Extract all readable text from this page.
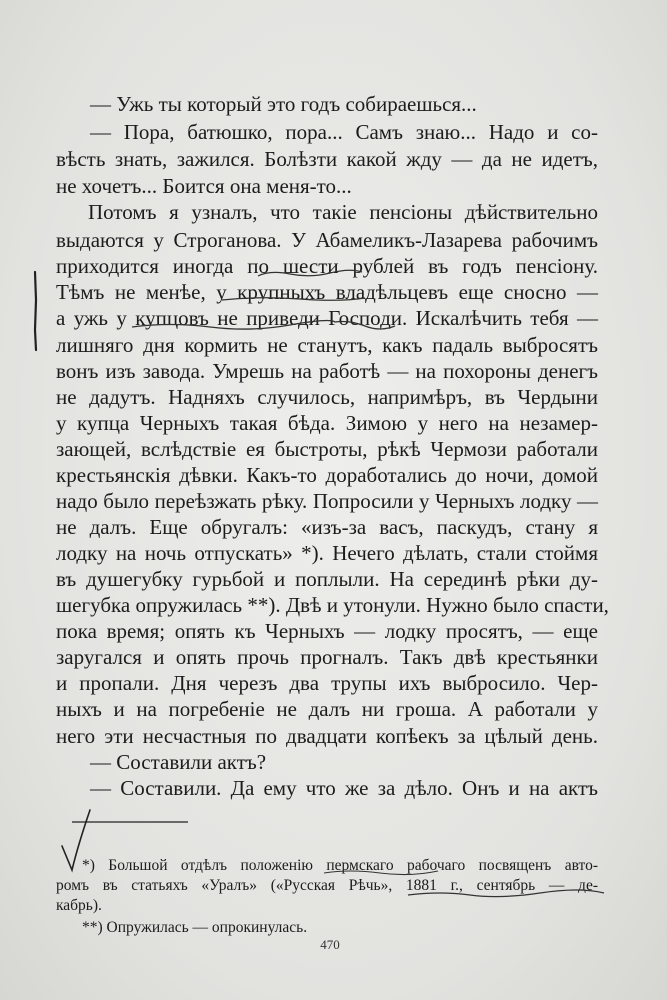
— Ужь ты который это годъ собираешься...
— Пора, батюшко, пора... Самъ знаю... Надо и со-
вѣсть знать, зажился. Болѣзти какой жду — да не идетъ,
не хочетъ... Боится она меня-то...
Потомъ я узналъ, что такіе пенсіоны дѣйствительно
выдаются у Строганова. У Абамеликъ-Лазарева рабочимъ
приходится иногда по шести рублей въ годъ пенсіону.
Тѣмъ не менѣе, у крупныхъ владѣльцевъ еще сносно —
а ужь у купцовъ не приведи Господи. Искалѣчить тебя —
лишняго дня кормить не станутъ, какъ падаль выбросятъ
вонъ изъ завода. Умрешь на работѣ — на похороны денегъ
не дадутъ. Надняхъ случилось, напримѣръ, въ Чердыни
у купца Черныхъ такая бѣда. Зимою у него на незамер-
зающей, вслѣдствіе ея быстроты, рѣкѣ Чермози работали
крестьянскія дѣвки. Какъ-то доработались до ночи, домой
надо было переѣзжать рѣку. Попросили у Черныхъ лодку —
не далъ. Еще обругалъ: «изъ-за васъ, паскудъ, стану я
лодку на ночь отпускать» *). Нечего дѣлать, стали стоймя
въ душегубку гурьбой и поплыли. На серединѣ рѣки ду-
шегубка опружилась **). Двѣ и утонули. Нужно было спасти,
пока время; опять къ Черныхъ — лодку просятъ, — еще
заругался и опять прочь прогналъ. Такъ двѣ крестьянки
и пропали. Дня черезъ два трупы ихъ выбросило. Чер-
ныхъ и на погребеніе не далъ ни гроша. А работали у
него эти несчастныя по двадцати копѣекъ за цѣлый день.
— Составили актъ?
— Составили. Да ему что же за дѣло. Онъ и на актъ
*) Большой отдѣлъ положенію пермскаго рабочаго посвященъ авто-
ромъ въ статьяхъ «Уралъ» («Русская Рѣчь», 1881 г., сентябрь — де-
кабрь).
**) Опружилась — опрокинулась.
470
